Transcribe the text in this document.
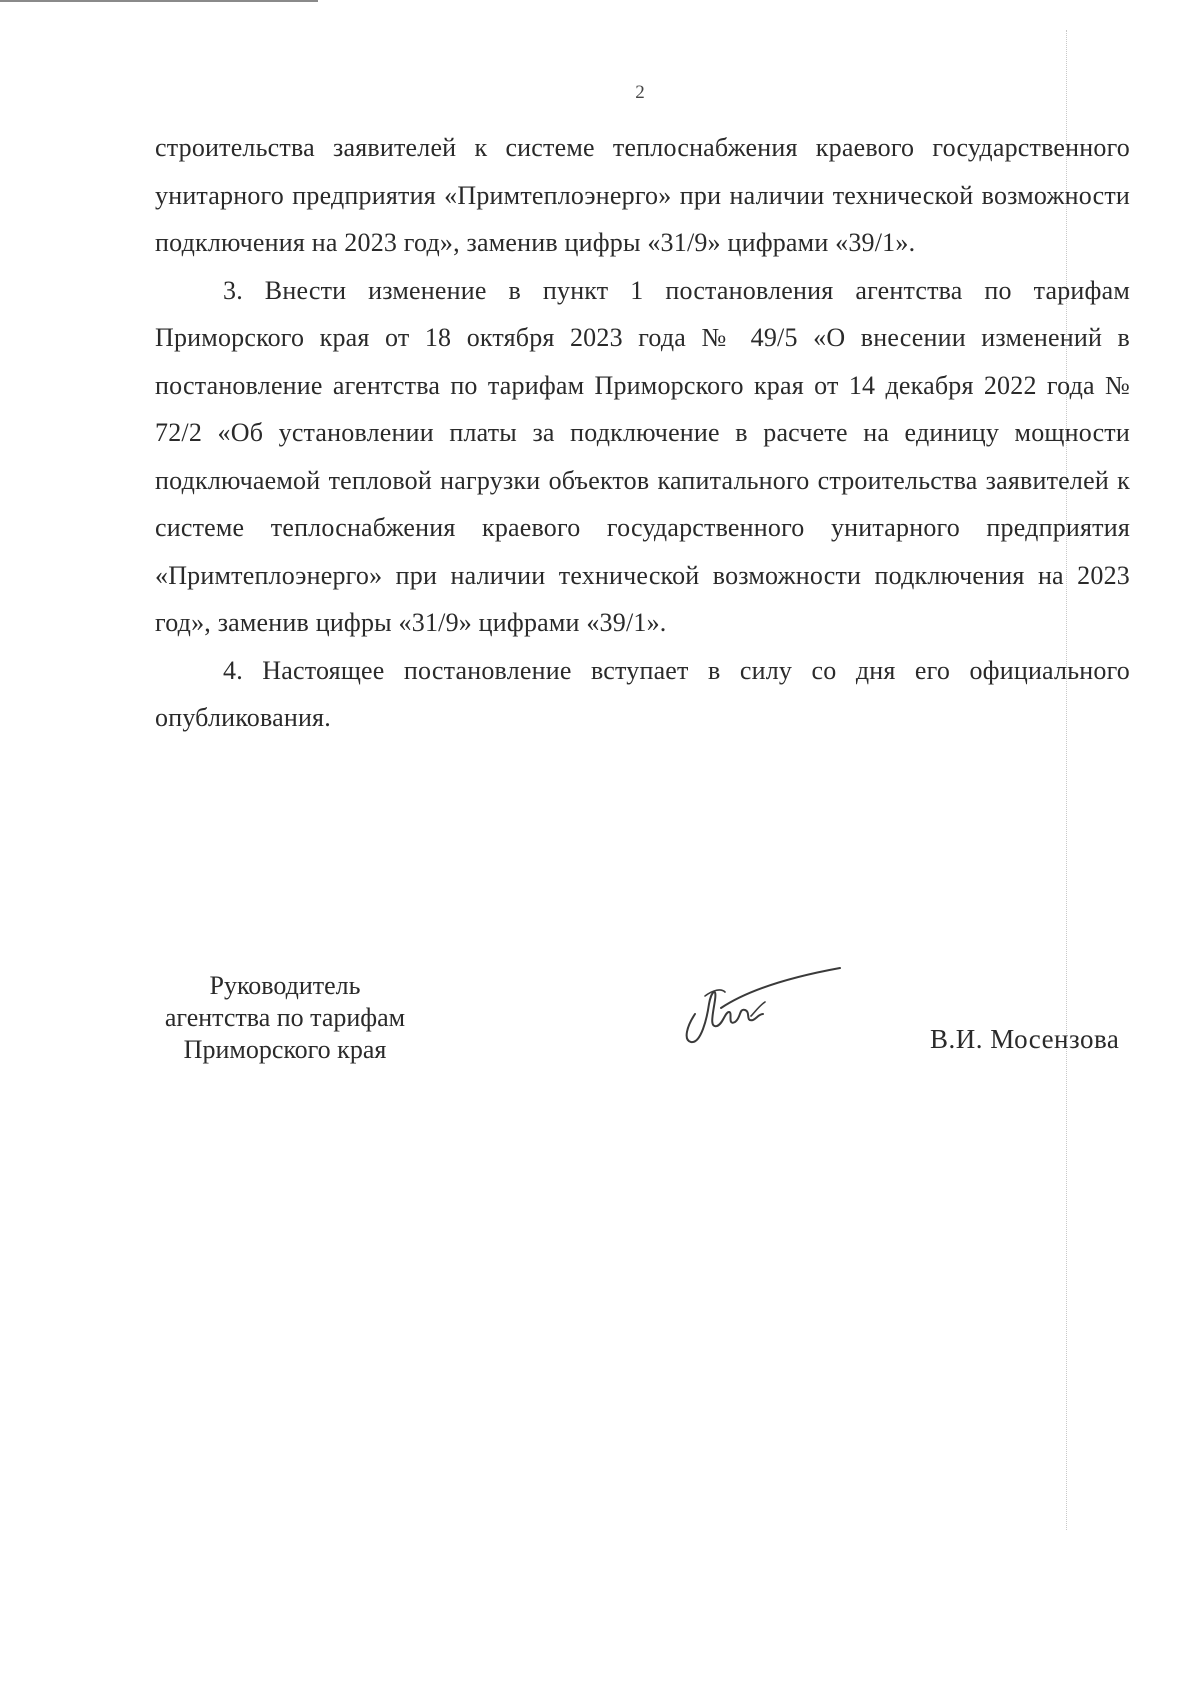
2

строительства заявителей к системе теплоснабжения краевого государственного унитарного предприятия «Примтеплоэнерго» при наличии технической возможности подключения на 2023 год», заменив цифры «31/9» цифрами «39/1».

3. Внести изменение в пункт 1 постановления агентства по тарифам Приморского края от 18 октября 2023 года № 49/5 «О внесении изменений в постановление агентства по тарифам Приморского края от 14 декабря 2022 года № 72/2 «Об установлении платы за подключение в расчете на единицу мощности подключаемой тепловой нагрузки объектов капитального строительства заявителей к системе теплоснабжения краевого государственного унитарного предприятия «Примтеплоэнерго» при наличии технической возможности подключения на 2023 год», заменив цифры «31/9» цифрами «39/1».

4. Настоящее постановление вступает в силу со дня его официального опубликования.

Руководитель
агентства по тарифам
Приморского края	В.И. Мосензова
